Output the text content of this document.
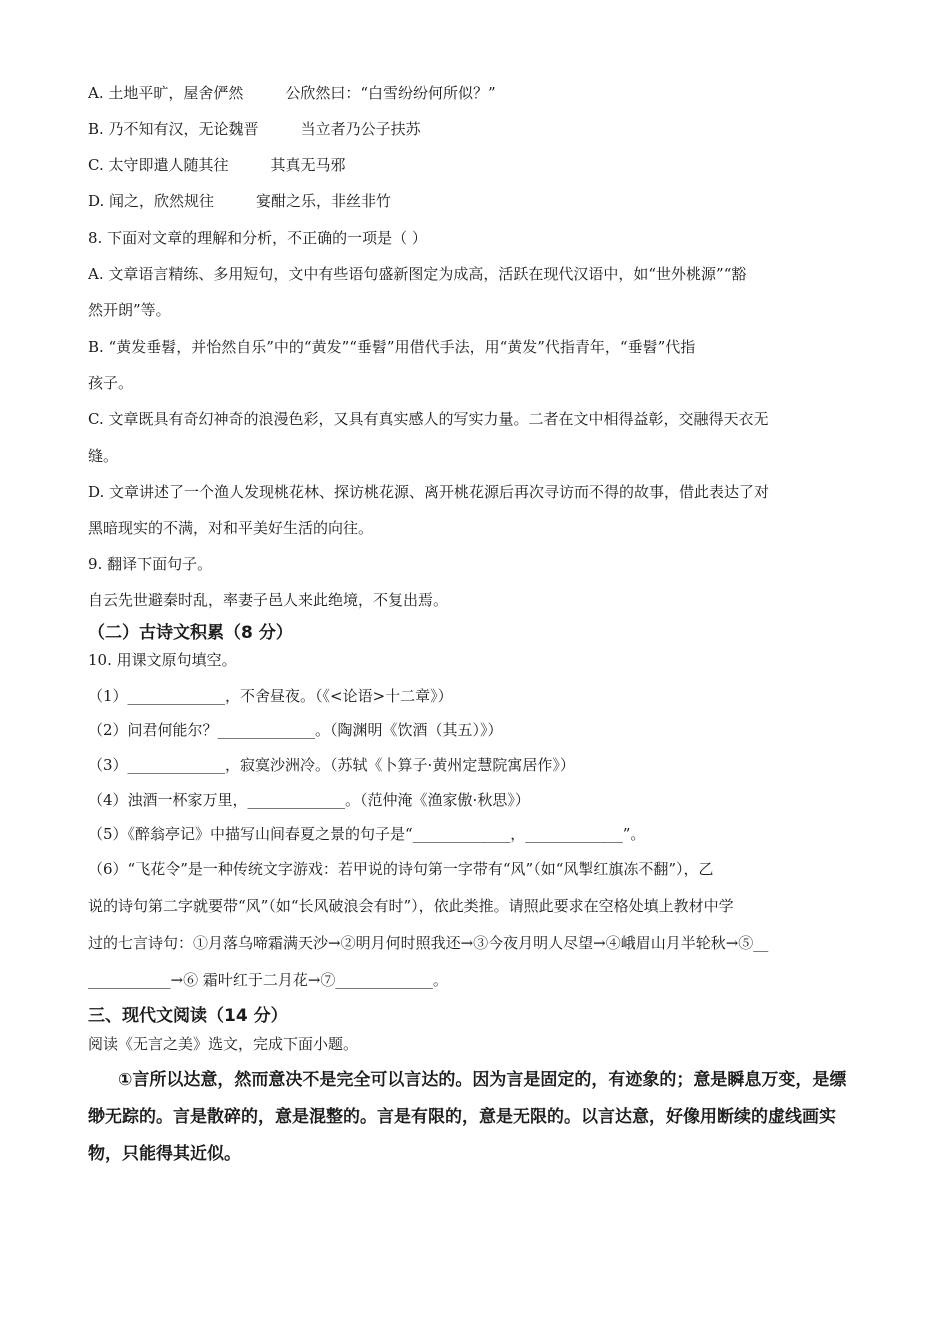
A. 土地平旷，屋舍俨然	公欣然曰：“白雪纷纷何所似？”
B. 乃不知有汉，无论魏晋	当立者乃公子扶苏
C. 太守即遣人随其往	其真无马邪
D. 闻之，欣然规往	宴酣之乐，非丝非竹
8. 下面对文章的理解和分析，不正确的一项是（ ）
A. 文章语言精练、多用短句，文中有些语句盛新图定为成高，活跃在现代汉语中，如“世外桃源”“豁
然开朗”等。
B. “黄发垂髫，并怡然自乐”中的“黄发”“垂髫”用借代手法，用“黄发”代指青年，“垂髫”代指
孩子。
C. 文章既具有奇幻神奇的浪漫色彩，又具有真实感人的写实力量。二者在文中相得益彰，交融得天衣无
缝。
D. 文章讲述了一个渔人发现桃花林、探访桃花源、离开桃花源后再次寻访而不得的故事，借此表达了对
黑暗现实的不满，对和平美好生活的向往。
9. 翻译下面句子。
自云先世避秦时乱，率妻子邑人来此绝境，不复出焉。
（二）古诗文积累（8 分）
10. 用课文原句填空。
（1）_____________，不舍昼夜。（《<论语>十二章》）
（2）问君何能尔？_____________。（陶渊明《饮酒（其五）》）
（3）_____________，寂寞沙洲冷。（苏轼《卜算子·黄州定慧院寓居作》）
（4）浊酒一杯家万里，_____________。（范仲淹《渔家傲·秋思》）
（5）《醉翁亭记》中描写山间春夏之景的句子是“_____________，_____________”。
（6）“飞花令”是一种传统文字游戏：若甲说的诗句第一字带有“风”（如“风掣红旗冻不翻”），乙
说的诗句第二字就要带“风”（如“长风破浪会有时”），依此类推。请照此要求在空格处填上教材中学
过的七言诗句：①月落乌啼霜满天沙→②明月何时照我还→③今夜月明人尽望→④峨眉山月半轮秋→⑤__
___________→⑥ 霜叶红于二月花→⑦_____________。
三、现代文阅读（14 分）
阅读《无言之美》选文，完成下面小题。
①言所以达意，然而意决不是完全可以言达的。因为言是固定的，有迹象的；意是瞬息万变，是缥缈无踪的。言是散碎的，意是混整的。言是有限的，意是无限的。以言达意，好像用断续的虚线画实物，只能得其近似。
